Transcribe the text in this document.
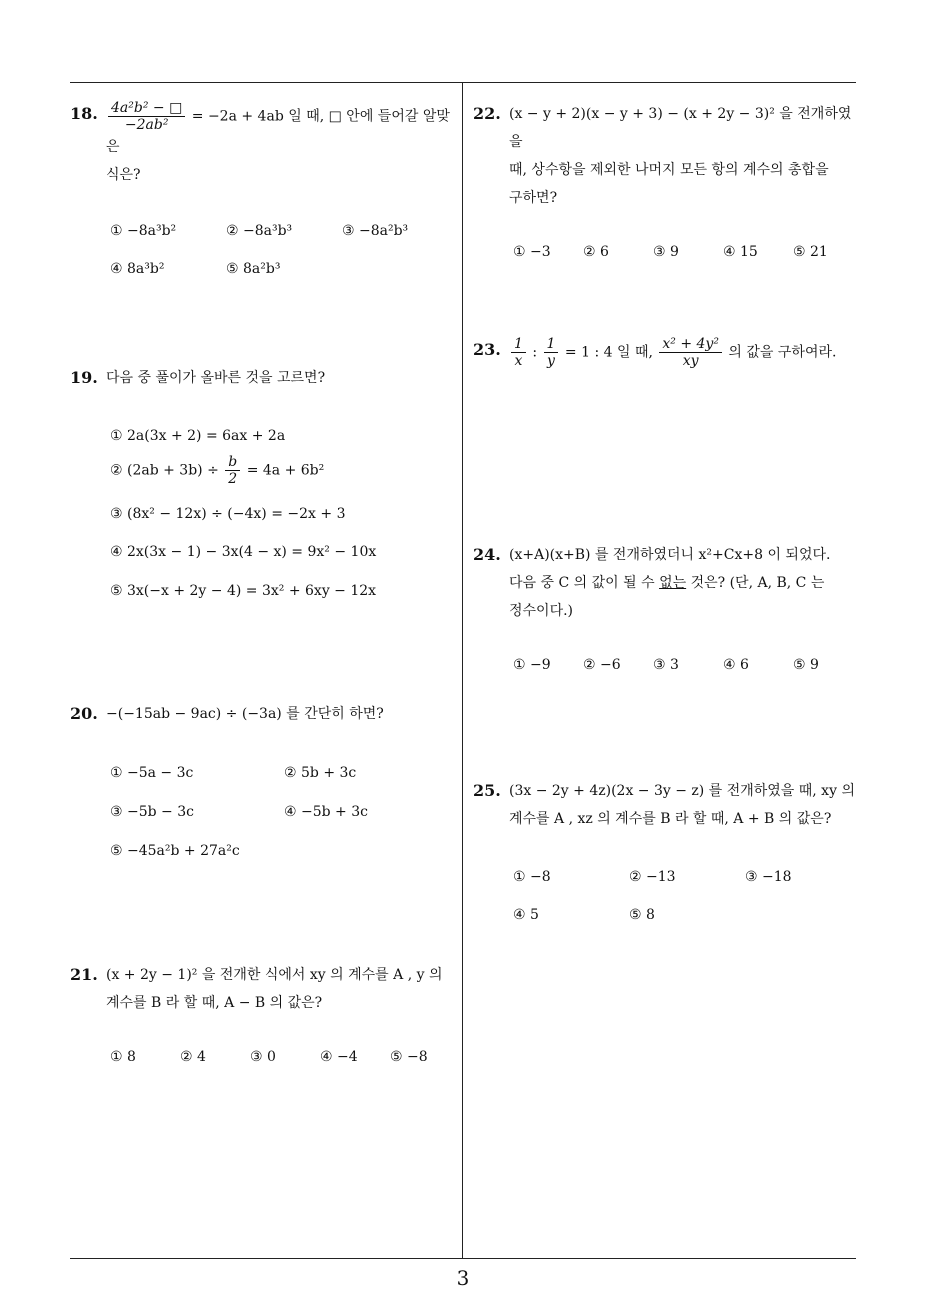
3
18. $\frac{\text{4a²b² − □}}{\text{−2ab²}} = -2a + 4ab$ 일 때, □ 안에 들어갈 알맞은
식은?
① −8a³b²	② −8a³b³	③ −8a²b³
④ 8a³b²	⑤ 8a²b³
19. 다음 중 풀이가 올바른 것을 고르면?
① 2a(3x + 2) = 6ax + 2a
② $(2ab + 3b) \div \frac{b}{2} = 4a + 6b^2$
③ (8x² − 12x) ÷ (−4x) = −2x + 3
④ 2x(3x − 1) − 3x(4 − x) = 9x² − 10x
⑤ 3x(−x + 2y − 4) = 3x² + 6xy − 12x
20. −(−15ab − 9ac) ÷ (−3a) 를 간단히 하면?
① −5a − 3c	② 5b + 3c
③ −5b − 3c	④ −5b + 3c
⑤ −45a²b + 27a²c
21. (x + 2y − 1)² 을 전개한 식에서 xy 의 계수를 A , y 의
계수를 B 라 할 때, A − B 의 값은?
① 8	② 4	③ 0	④ −4 ⑤ −8
22. (x − y + 2)(x − y + 3) − (x + 2y − 3)² 을 전개하였을
때, 상수항을 제외한 나머지 모든 항의 계수의 총합을
구하면?
① −3 ② 6	③ 9	④ 15	⑤ 21
23. $\frac{1}{x}$ : $\frac{1}{y} = 1$ : 4 일 때, $\frac{\text{x² + 4y²}}{xy}$ 의 값을 구하여라.
24. (x+A)(x+B) 를 전개하였더니 x²+Cx+8 이 되었다.
다음 중 C 의 값이 될 수 없는 것은? (단, A, B, C 는
정수이다.)
① −9 ② −6 ③ 3	④ 6	⑤ 9
25. (3x − 2y + 4z)(2x − 3y − z) 를 전개하였을 때, xy 의
계수를 A , xz 의 계수를 B 라 할 때, A + B 의 값은?
① −8	② −13	③ −18
④ 5	⑤ 8
